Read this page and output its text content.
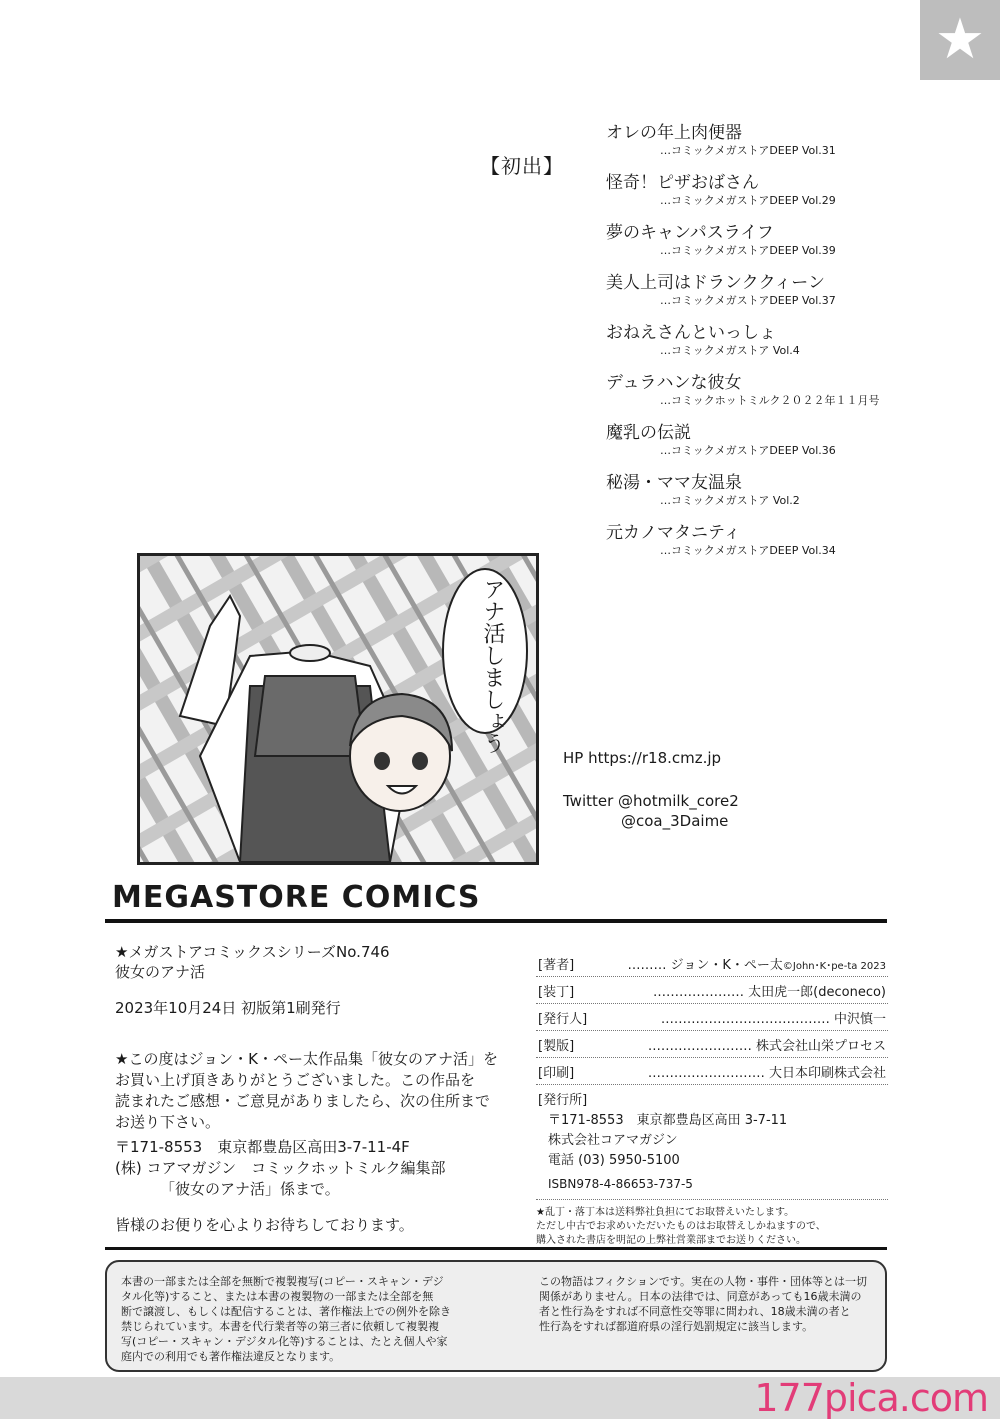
★
【初出】
オレの年上肉便器
…コミックメガストアDEEP Vol.31
怪奇！ピザおばさん
…コミックメガストアDEEP Vol.29
夢のキャンパスライフ
…コミックメガストアDEEP Vol.39
美人上司はドランククィーン
…コミックメガストアDEEP Vol.37
おねえさんといっしょ
…コミックメガストア Vol.4
デュラハンな彼女
…コミックホットミルク２０２２年１１月号
魔乳の伝説
…コミックメガストアDEEP Vol.36
秘湯・ママ友温泉
…コミックメガストア Vol.2
元カノマタニティ
…コミックメガストアDEEP Vol.34
アナ活しましょう
HP https://r18.cmz.jp
Twitter @hotmilk_core2
@coa_3Daime
MEGASTORE COMICS
★メガストアコミックスシリーズNo.746
彼女のアナ活
2023年10月24日 初版第1刷発行
★この度はジョン・K・ペー太作品集「彼女のアナ活」を
お買い上げ頂きありがとうございました。この作品を
読まれたご感想・ご意見がありましたら、次の住所まで
お送り下さい。
〒171-8553　東京都豊島区高田3-7-11-4F
(株) コアマガジン　コミックホットミルク編集部
「彼女のアナ活」係まで。
皆様のお便りを心よりお待ちしております。
[著者]	……… ジョン・K・ペー太©John･K･pe-ta 2023
[装丁]	………………… 太田虎一郎(deconeco)
[発行人]	………………………………… 中沢慎一
[製版]	…………………… 株式会社山栄プロセス
[印刷]	……………………… 大日本印刷株式会社
[発行所]
〒171-8553　東京都豊島区高田 3-7-11
株式会社コアマガジン
電話 (03) 5950-5100
ISBN978-4-86653-737-5
★乱丁・落丁本は送料弊社負担にてお取替えいたします。
ただし中古でお求めいただいたものはお取替えしかねますので、
購入された書店を明記の上弊社営業部までお送りください。
本書の一部または全部を無断で複製複写(コピー・スキャン・デジ
タル化等)すること、または本書の複製物の一部または全部を無
断で譲渡し、もしくは配信することは、著作権法上での例外を除き
禁じられています。本書を代行業者等の第三者に依頼して複製複
写(コピー・スキャン・デジタル化等)することは、たとえ個人や家
庭内での利用でも著作権法違反となります。
この物語はフィクションです。実在の人物・事件・団体等とは一切
関係がありません。日本の法律では、同意があっても16歳未満の
者と性行為をすれば不同意性交等罪に問われ、18歳未満の者と
性行為をすれば都道府県の淫行処罰規定に該当します。
177pica.com
